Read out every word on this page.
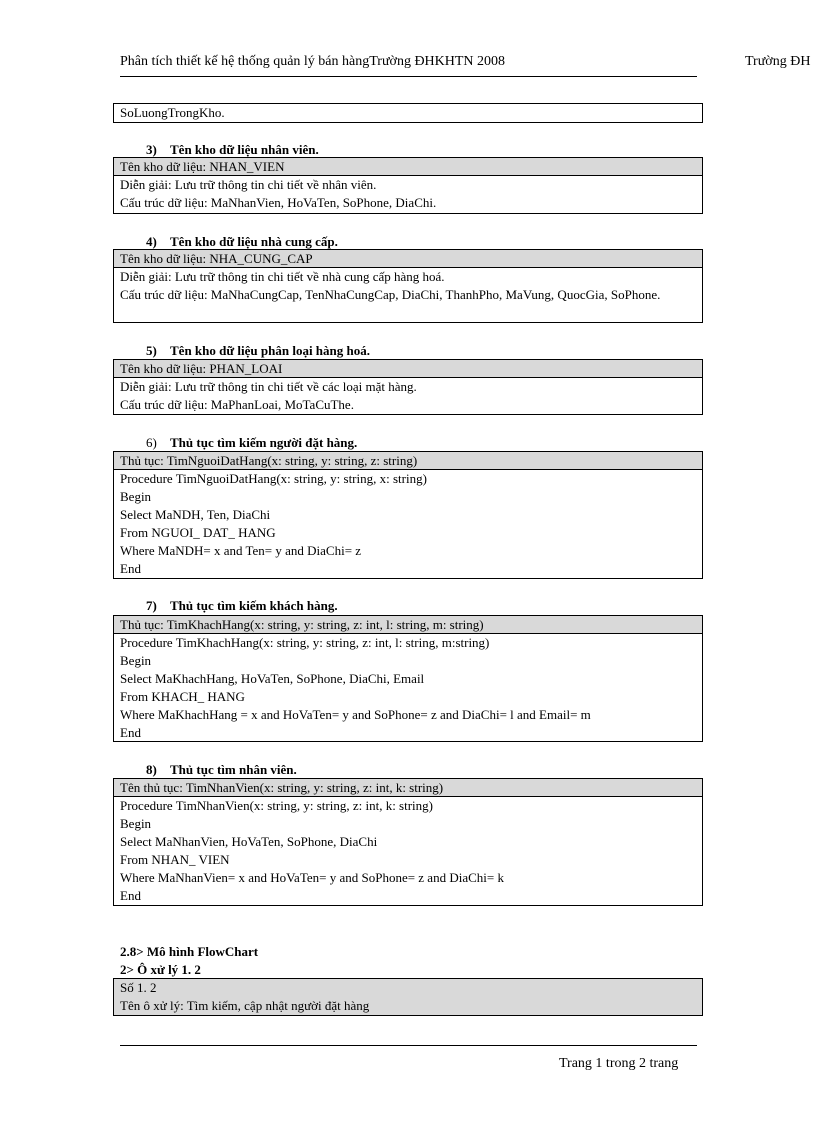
Phân tích thiết kế hệ thống quản lý bán hàngTrường ĐHKHTN 2008	Trường ĐH
SoLuongTrongKho.
3) Tên kho dữ liệu nhân viên.
Tên kho dữ liệu: NHAN_VIEN
Diễn giải: Lưu trữ thông tin chi tiết về nhân viên.
Cấu trúc dữ liệu: MaNhanVien, HoVaTen, SoPhone, DiaChi.
4) Tên kho dữ liệu nhà cung cấp.
Tên kho dữ liệu: NHA_CUNG_CAP
Diễn giải: Lưu trữ thông tin chi tiết về nhà cung cấp hàng hoá.
Cấu trúc dữ liệu: MaNhaCungCap, TenNhaCungCap, DiaChi, ThanhPho, MaVung, QuocGia, SoPhone.
5) Tên kho dữ liệu phân loại hàng hoá.
Tên kho dữ liệu: PHAN_LOAI
Diễn giải: Lưu trữ thông tin chi tiết về các loại mặt hàng.
Cấu trúc dữ liệu: MaPhanLoai, MoTaCuThe.
6) Thủ tục tìm kiếm người đặt hàng.
Thủ tục: TimNguoiDatHang(x: string, y: string, z: string)
Procedure TimNguoiDatHang(x: string, y: string, x: string)
Begin
Select MaNDH, Ten, DiaChi
From NGUOI_ DAT_ HANG
Where MaNDH= x and Ten= y and DiaChi= z
End
7) Thủ tục tìm kiếm khách hàng.
Thủ tục: TimKhachHang(x: string, y: string, z: int, l: string, m: string)
Procedure TimKhachHang(x: string, y: string, z: int, l: string, m:string)
Begin
Select MaKhachHang, HoVaTen, SoPhone, DiaChi, Email
From KHACH_ HANG
Where MaKhachHang = x and HoVaTen= y and SoPhone= z and DiaChi= l and Email= m
End
8) Thủ tục tìm nhân viên.
Tên thủ tục: TimNhanVien(x: string, y: string, z: int, k: string)
Procedure TimNhanVien(x: string, y: string, z: int, k: string)
Begin
Select MaNhanVien, HoVaTen, SoPhone, DiaChi
From NHAN_ VIEN
Where MaNhanVien= x and HoVaTen= y and SoPhone= z and DiaChi= k
End
2.8> Mô hình FlowChart
2> Ô xử lý 1. 2
Số 1. 2
Tên ô xử lý: Tìm kiếm, cập nhật người đặt hàng
Trang 1 trong 2 trang
